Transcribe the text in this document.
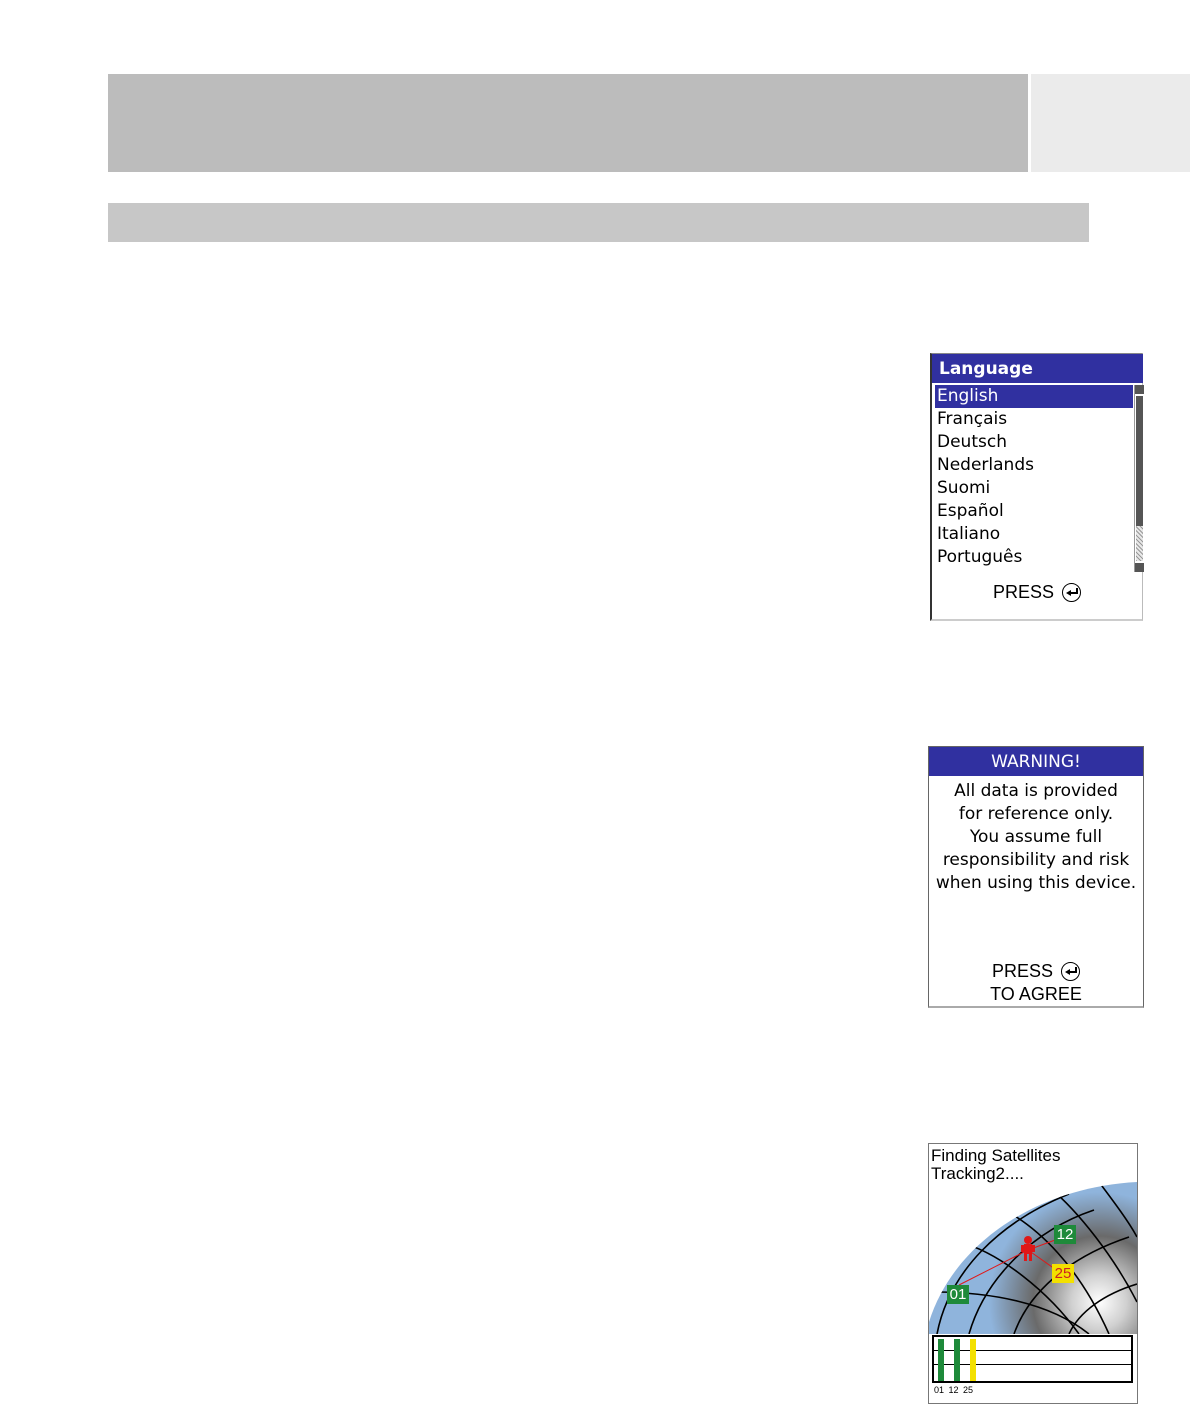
Language
English
Français
Deutsch
Nederlands
Suomi
Español
Italiano
Português
PRESS
WARNING!
All data is provided
for reference only.
You assume full
responsibility and risk
when using this device.
PRESS
TO AGREE
Finding Satellites
Tracking2....
01
12
25
01 12 25
